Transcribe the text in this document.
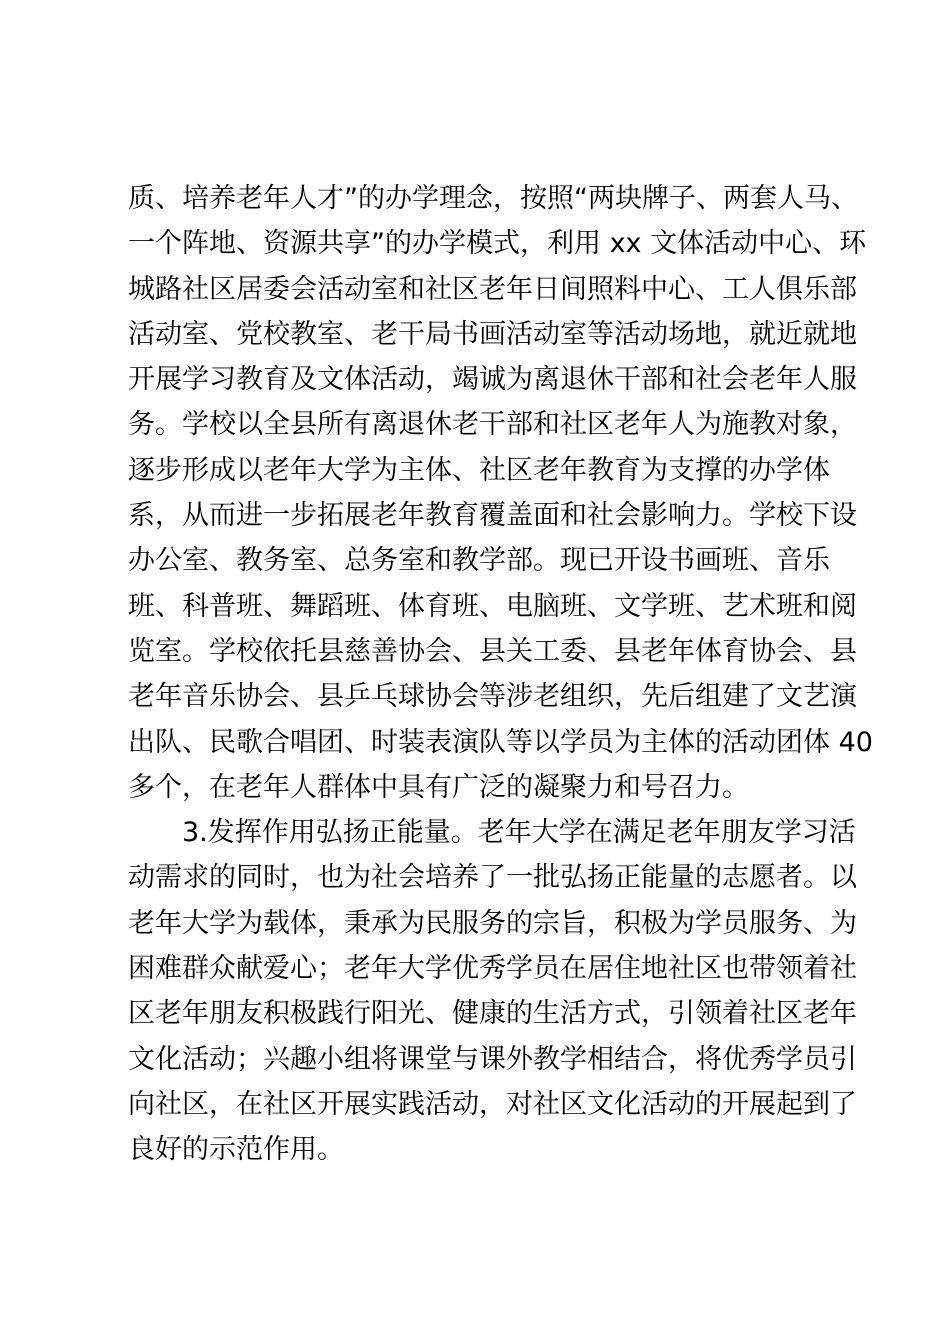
质、培养老年人才”的办学理念，按照“两块牌子、两套人马、
一个阵地、资源共享”的办学模式，利用 xx 文体活动中心、环
城路社区居委会活动室和社区老年日间照料中心、工人俱乐部
活动室、党校教室、老干局书画活动室等活动场地，就近就地
开展学习教育及文体活动，竭诚为离退休干部和社会老年人服
务。学校以全县所有离退休老干部和社区老年人为施教对象，
逐步形成以老年大学为主体、社区老年教育为支撑的办学体
系，从而进一步拓展老年教育覆盖面和社会影响力。学校下设
办公室、教务室、总务室和教学部。现已开设书画班、音乐
班、科普班、舞蹈班、体育班、电脑班、文学班、艺术班和阅
览室。学校依托县慈善协会、县关工委、县老年体育协会、县
老年音乐协会、县乒乓球协会等涉老组织，先后组建了文艺演
出队、民歌合唱团、时装表演队等以学员为主体的活动团体 40
多个，在老年人群体中具有广泛的凝聚力和号召力。
3.发挥作用弘扬正能量。老年大学在满足老年朋友学习活
动需求的同时，也为社会培养了一批弘扬正能量的志愿者。以
老年大学为载体，秉承为民服务的宗旨，积极为学员服务、为
困难群众献爱心；老年大学优秀学员在居住地社区也带领着社
区老年朋友积极践行阳光、健康的生活方式，引领着社区老年
文化活动；兴趣小组将课堂与课外教学相结合，将优秀学员引
向社区，在社区开展实践活动，对社区文化活动的开展起到了
良好的示范作用。
